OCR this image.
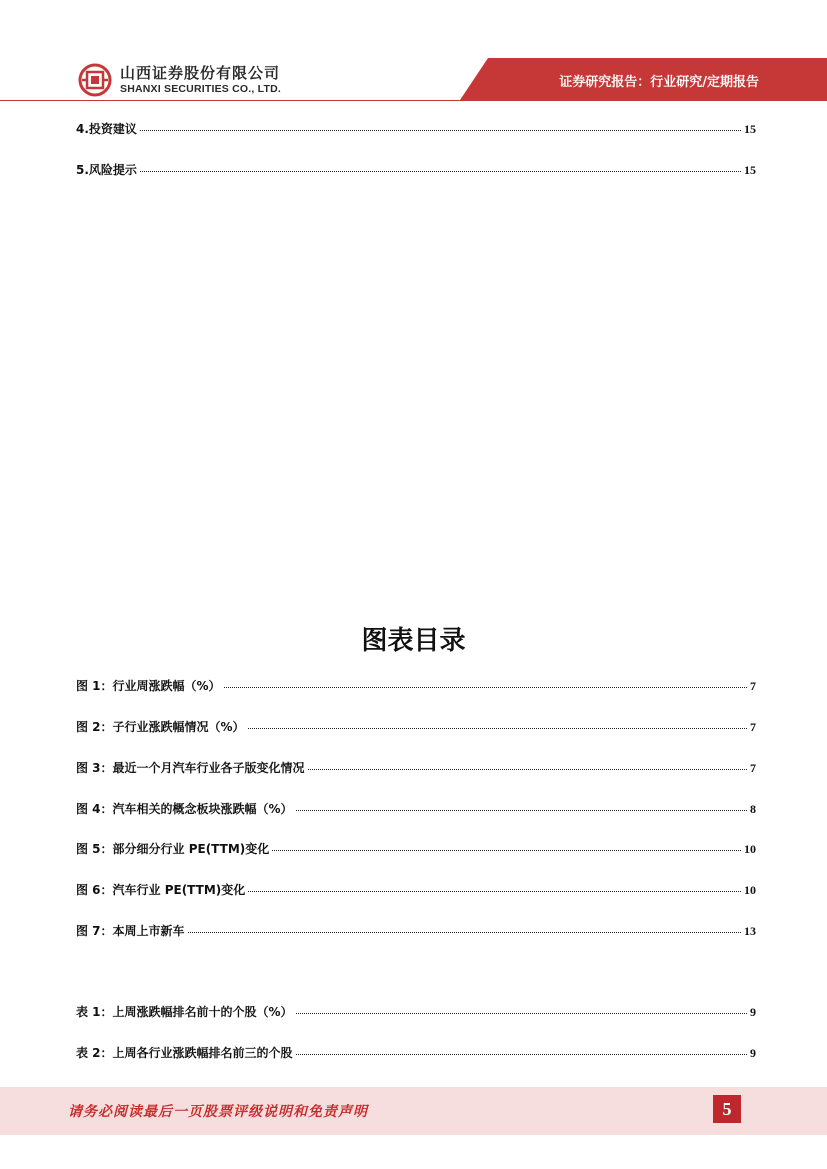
山西证券股份有限公司
SHANXI SECURITIES CO., LTD.	证券研究报告：行业研究/定期报告
4.投资建议	15
5.风险提示	15
图表目录
图 1：行业周涨跌幅（%）	7
图 2：子行业涨跌幅情况（%）	7
图 3：最近一个月汽车行业各子版变化情况	7
图 4：汽车相关的概念板块涨跌幅（%）	8
图 5：部分细分行业 PE(TTM)变化	10
图 6：汽车行业 PE(TTM)变化	10
图 7：本周上市新车	13
表 1：上周涨跌幅排名前十的个股（%）	9
表 2：上周各行业涨跌幅排名前三的个股	9
请务必阅读最后一页股票评级说明和免责声明	5
